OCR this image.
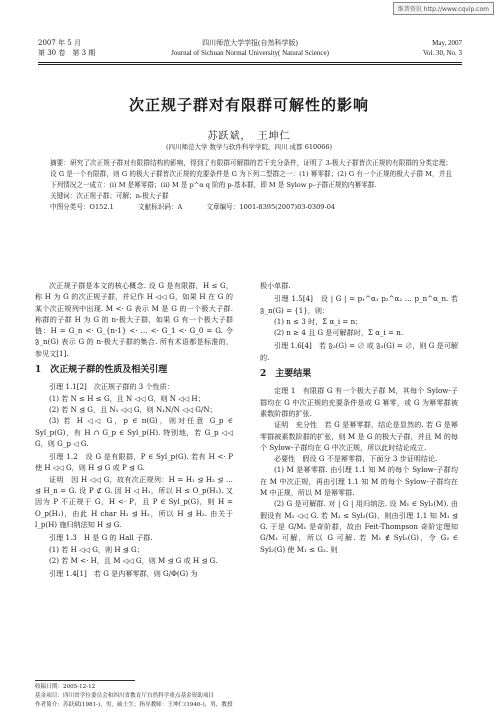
维普资讯 http://www.cqvip.com
2007 年 5 月
第 30 卷　第 3 期
四川师范大学学报(自然科学版)
Journal of Sichuan Normal University( Natural Science)
May, 2007
Vol. 30, No. 3
次正规子群对有限群可解性的影响
苏跃斌，　王坤仁
(四川师范大学 数学与软件科学学院，四川 成都 610066)

摘要：研究了次正规子群对有限群结构的影响，得到了有限群可解群的若干充分条件，证明了 3-极大子群皆次正规的有限群的分类定理；设 G 是一个有限群，则 G 的极大子群皆次正规的充要条件是 G 为下列二型群之一：(1) 幂零群；(2) G 有一个正规的极大子群 M，并且下列情况之一成立：(i) M 是幂零群；(ii) M 是 p^α q 阶的 p-基本群，即 M 是 Sylow p-子群正规的内幂零群.

关键词：次正规子群；可解；n-极大子群

中图分类号：O152.1	文献标识码：A	文章编号：1001-8395(2007)03-0309-04

次正规子群是本文的核心概念. 设 G 是有限群，H ≤ G，称 H 为 G 的次正规子群，并记作 H ◁◁ G，如果 H 在 G 的某个次正规列中出现. M <· G 表示 M 是 G 的一个极大子群. 称群的子群 H 为 G 的 n-极大子群，如果 G 有一个极大子群链：H = G_n <· G_{n-1} <· … <· G_1 <· G_0 = G. 令 𝔉_n(G) 表示 G 的 n-极大子群的集合. 所有术语都是标准的，参见文[1].

1　次正规子群的性质及相关引理

引理 1.1[2]　次正规子群的 3 个性质：

(1) 若 N ≤ H ≤ G，且 N ◁◁ G，则 N ◁◁ H；

(2) 若 N ⊴ G，且 N₁ ◁◁ G，则 N₁N/N ◁◁ G/N；

(3) 若 H ◁◁ G，p ∈ π(G)，则对任意 G_p ∈ Syl_p(G)，有 H ∩ G_p ∈ Syl_p(H). 特别地，若 G_p ◁◁ G，则 G_p ◁ G.

引理 1.2　设 G 是有限群，P ∈ Syl_p(G). 若有 H <· P 使 H ◁◁ G，则 H ⊴ G 或 P ⊴ G.

证明　因 H ◁◁ G，故有次正规列：H = H₁ ⊴ H₂ ⊴ … ⊴ H_n = G. 设 P ⊄ G. 因 H ◁ H₁，所以 H ≤ O_p(H₁). 又因为 P 不正规于 G，H <· P，且 P ∈ Syl_p(G)，则 H = O_p(H₁)，由此 H char H₁ ⊴ H₂，所以 H ⊴ H₂. 由关于 l_p(H) 施归纳法知 H ⊴ G.

引理 1.3　H 是 G 的 Hall 子群.

(1) 若 H ◁◁ G，则 H ⊴ G；

(2) 若 M <· H，且 M ◁◁ G，则 M ⊴ G 或 H ⊴ G.

引理 1.4[1]　若 G 是内幂零群，则 G/Φ(G) 为

极小单群.

引理 1.5[4]　设 | G | = p₁^α₁ p₂^α₂ … p_n^α_n. 若 𝔉_n(G) = {1}，则：

(1) n ≤ 3 时，Σ α_i = n；

(2) n ≥ 4 且 G 是可解群时，Σ α_i = n.

引理 1.6[4]　若 𝔉₃(G) = ∅ 或 𝔉₃(G) = ∅，则 G 是可解的.

2　主要结果

定理 1　有限群 G 有一个极大子群 M，其每个 Sylow-子群均在 G 中次正规的充要条件是或 G 幂零，或 G 为幂零群被素数阶群的扩张.

证明　充分性　若 G 是幂零群，结论是显然的. 若 G 是幂零群被素数阶群的扩张，则 M 是 G 的极大子群，并且 M 的每个 Sylow-子群均在 G 中次正规，所以此时结论成立.

必要性　假设 G 不是幂零群，下面分 3 步证明结论.

(1) M 是幂零群. 由引理 1.1 知 M 的每个 Sylow-子群均在 M 中次正规，再由引理 1.1 知 M 的每个 Sylow-子群均在 M 中正规，所以 M 是幂零群.

(2) G 是可解群. 对 | G | 用归纳法. 设 M₁ ∈ Syl₂(M). 由假设有 M₁ ◁◁ G. 若 M₁ ≤ Syl₂(G)，则由引理 1.1 知 M₁ ⊴ G. 于是 G/M₁ 是奇阶群，故由 Feit-Thompson 奇阶定理知 G/M₁ 可解，所以 G 可解. 若 M₁ ∉ Syl₂(G)，令 G₂ ∈ Syl₂(G) 使 M₁ ≤ G₂. 则

收稿日期：2005-12-12

基金项目：四川省学位委员会和四川省教育厅自然科学重点基金资助项目

作者简介：苏跃斌(1981-)，男，硕士生；指导教师：王坤仁(1946-)，男，教授
